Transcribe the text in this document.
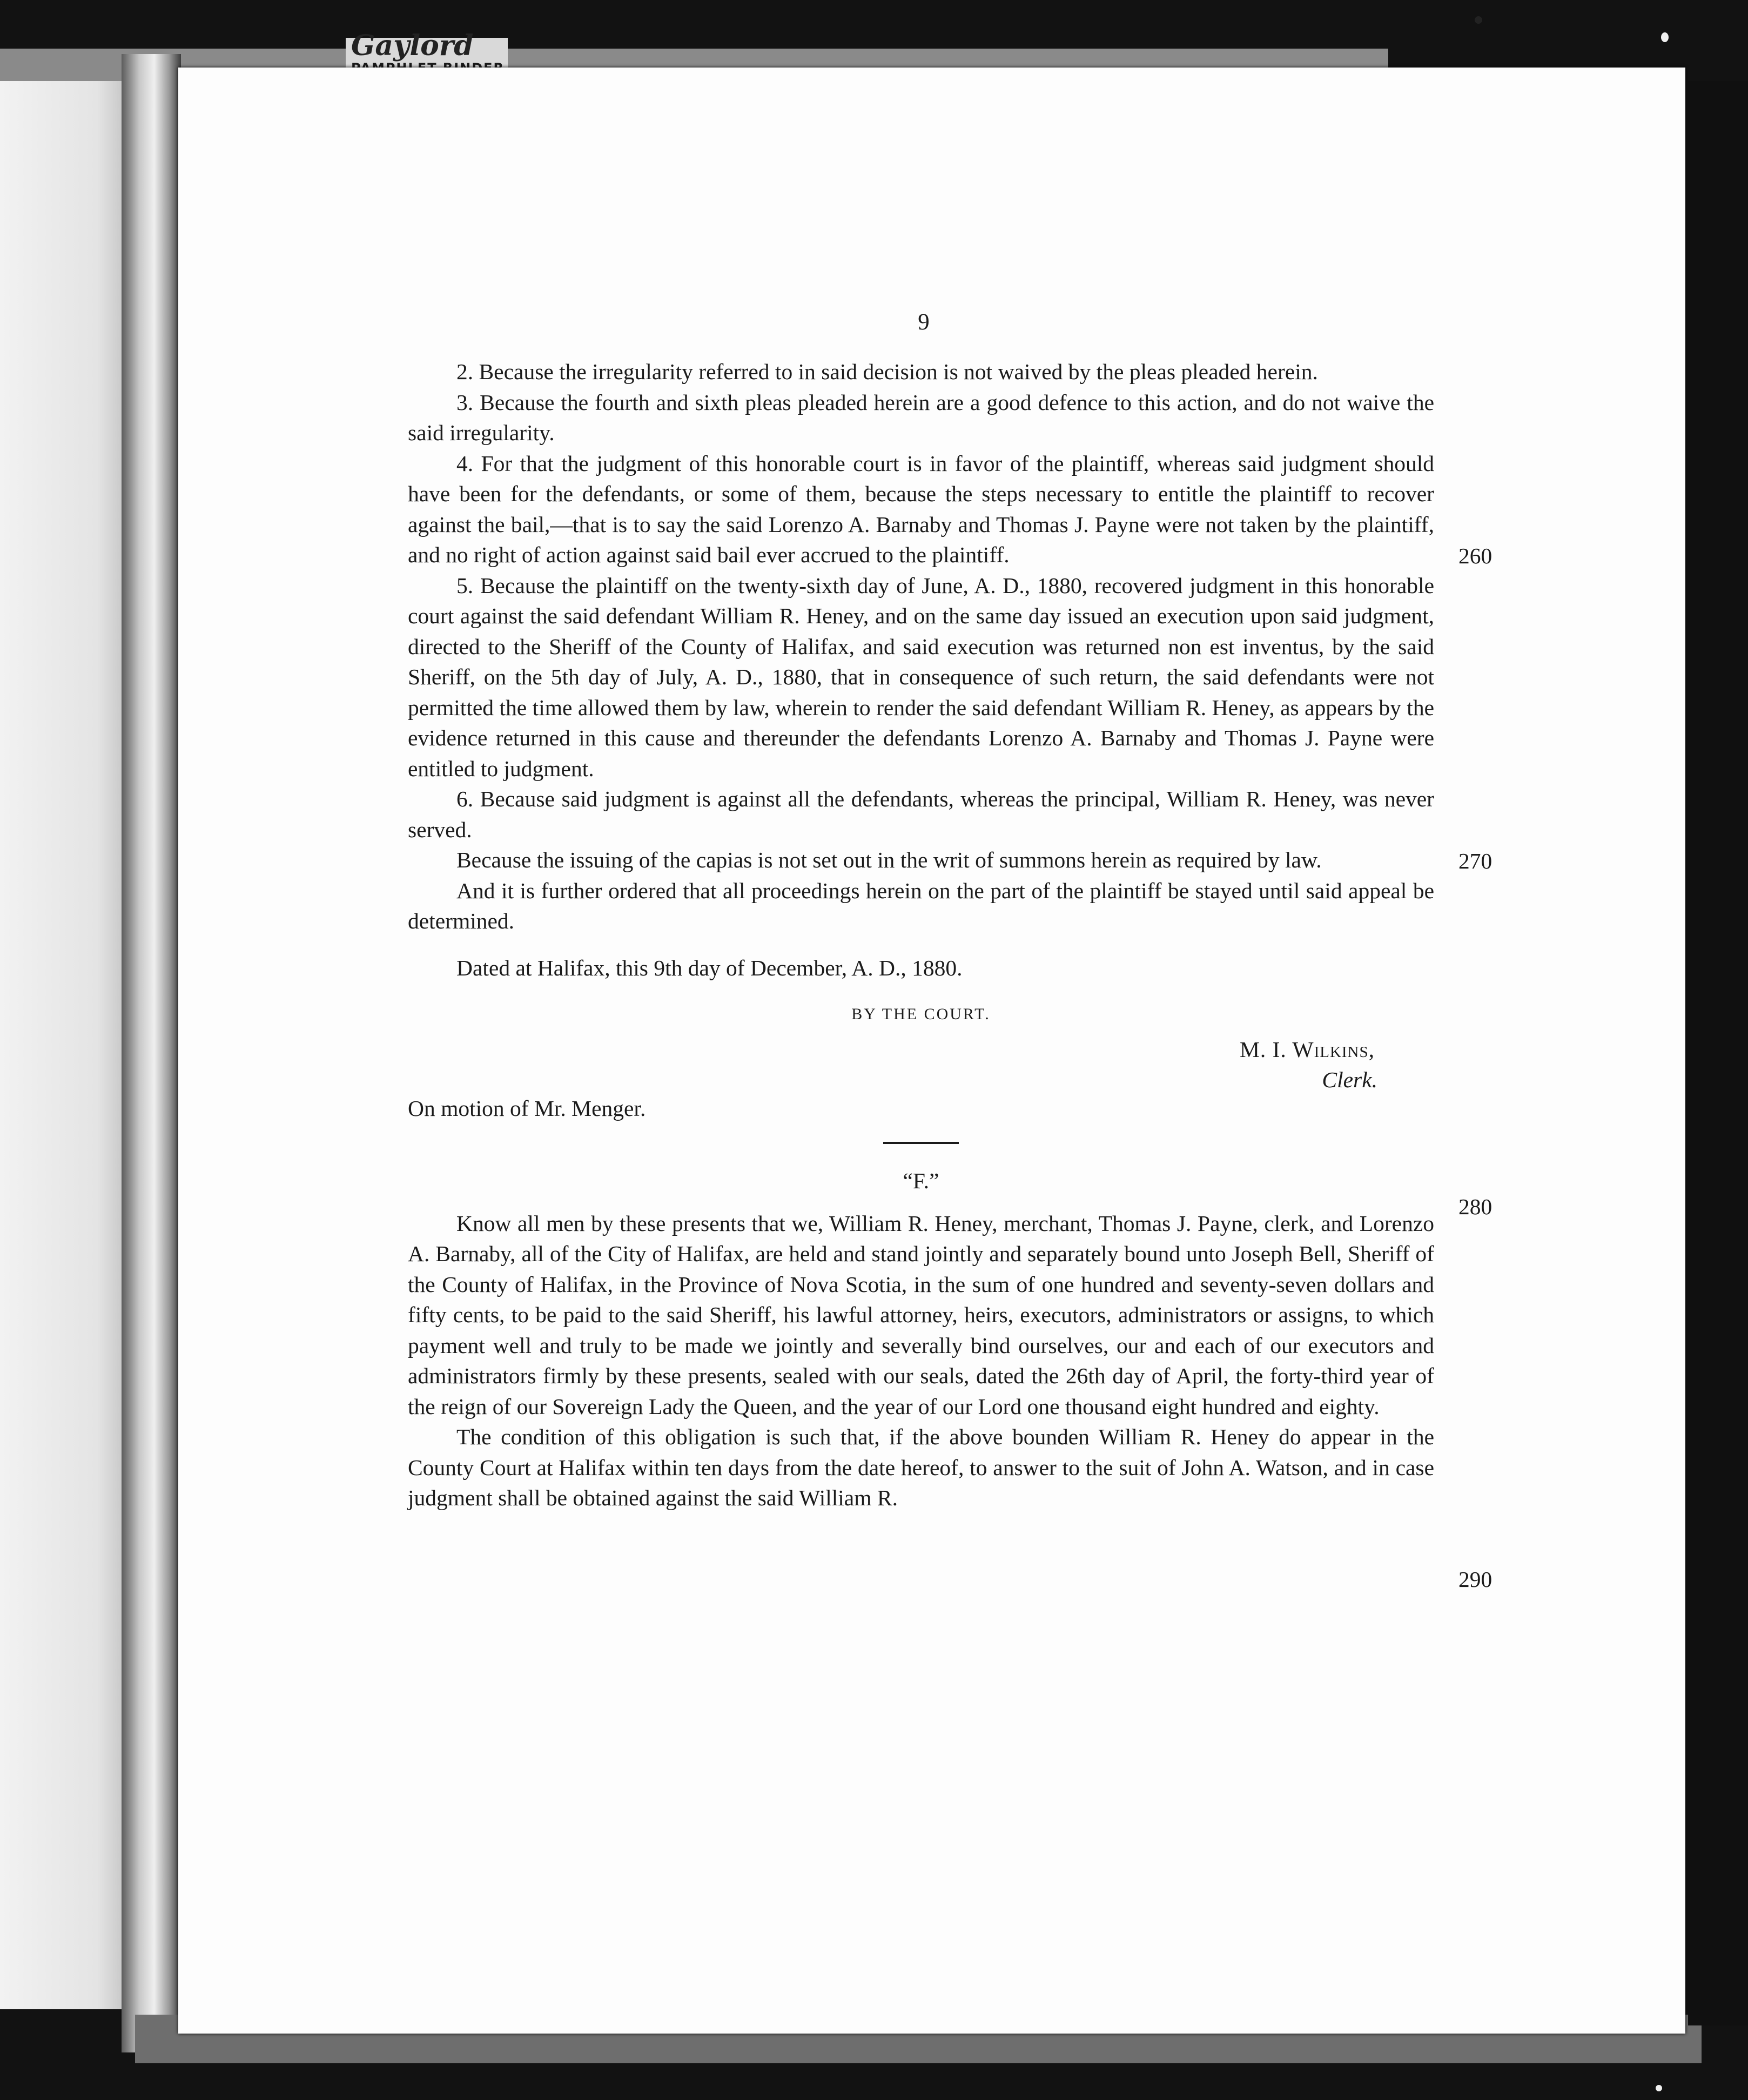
Gaylord
9

2. Because the irregularity referred to in said decision is not waived by the pleas pleaded herein.

3. Because the fourth and sixth pleas pleaded herein are a good defence to this action, and do not waive the said irregularity.

4. For that the judgment of this honorable court is in favor of the plaintiff, whereas said judgment should have been for the defendants, or some of them, because the steps necessary to entitle the plaintiff to recover against the bail,—that is to say the said Lorenzo A. Barnaby and Thomas J. Payne were not taken by the plaintiff, and no right of action against said bail ever accrued to the plaintiff.

5. Because the plaintiff on the twenty-sixth day of June, A. D., 1880, recovered judgment in this honorable court against the said defendant William R. Heney, and on the same day issued an execution upon said judgment, directed to the Sheriff of the County of Halifax, and said execution was returned non est inventus, by the said Sheriff, on the 5th day of July, A. D., 1880, that in consequence of such return, the said defendants were not permitted the time allowed them by law, wherein to render the said defendant William R. Heney, as appears by the evidence returned in this cause and thereunder the defendants Lorenzo A. Barnaby and Thomas J. Payne were entitled to judgment.

6. Because said judgment is against all the defendants, whereas the principal, William R. Heney, was never served.

Because the issuing of the capias is not set out in the writ of summons herein as required by law.

And it is further ordered that all proceedings herein on the part of the plaintiff be stayed until said appeal be determined.

Dated at Halifax, this 9th day of December, A. D., 1880.

BY THE COURT.
M. I. Wilkins,
Clerk.
On motion of Mr. Menger.
“F.”

Know all men by these presents that we, William R. Heney, merchant, Thomas J. Payne, clerk, and Lorenzo A. Barnaby, all of the City of Halifax, are held and stand jointly and separately bound unto Joseph Bell, Sheriff of the County of Halifax, in the Province of Nova Scotia, in the sum of one hundred and seventy-seven dollars and fifty cents, to be paid to the said Sheriff, his lawful attorney, heirs, executors, administrators or assigns, to which payment well and truly to be made we jointly and severally bind ourselves, our and each of our executors and administrators firmly by these presents, sealed with our seals, dated the 26th day of April, the forty-third year of the reign of our Sovereign Lady the Queen, and the year of our Lord one thousand eight hundred and eighty.

The condition of this obligation is such that, if the above bounden William R. Heney do appear in the County Court at Halifax within ten days from the date hereof, to answer to the suit of John A. Watson, and in case judgment shall be obtained against the said William R.

260
270
280
290
